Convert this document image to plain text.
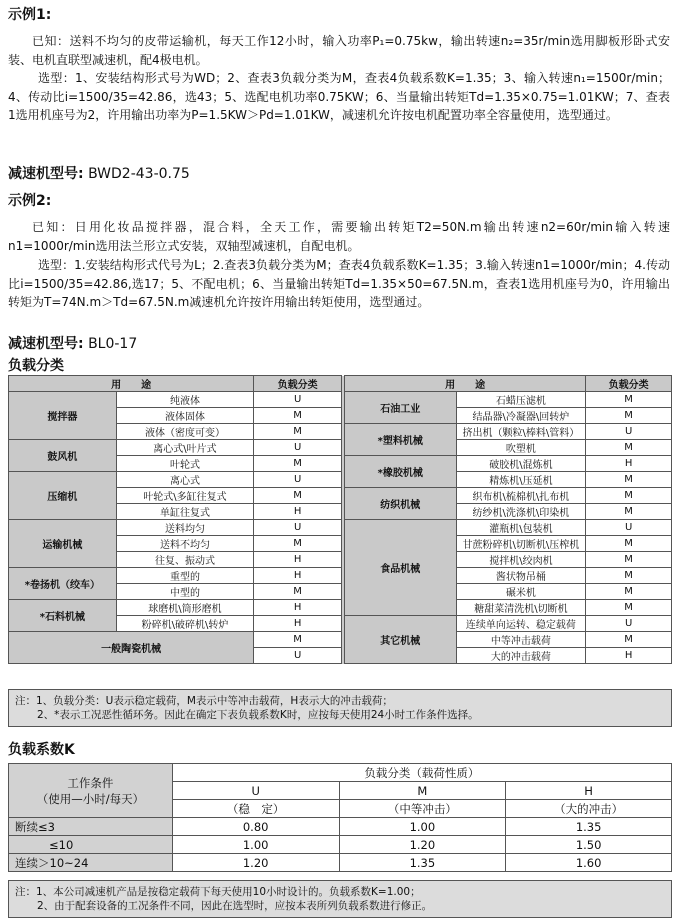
示例1:

已知：送料不均匀的皮带运输机，每天工作12小时，输入功率P₁=0.75kw，输出转速n₂=35r/min选用脚板形卧式安装、电机直联型减速机，配4极电机。

选型：1、安装结构形式号为WD；2、查表3负载分类为M，查表4负载系数K=1.35；3、输入转速n₁=1500r/min；4、传动比i=1500/35=42.86，选43；5、选配电机功率0.75KW；6、当量输出转矩Td=1.35×0.75=1.01KW；7、查表1选用机座号为2，许用输出功率为P=1.5KW＞Pd=1.01KW，减速机允许按电机配置功率全容量使用，选型通过。

减速机型号: BWD2-43-0.75
示例2:

已知：日用化妆品搅拌器，混合料，全天工作，需要输出转矩T2=50N.m输出转速n2=60r/min输入转速n1=1000r/min选用法兰形立式安装，双轴型减速机，自配电机。

选型：1.安装结构形式代号为L；2.查表3负载分类为M；查表4负载系数K=1.35；3.输入转速n1=1000r/min；4.传动比i=1500/35=42.86,选17；5、不配电机；6、当量输出转矩Td=1.35×50=67.5N.m，查表1选用机座号为0，许用输出转矩为T=74N.m＞Td=67.5N.m减速机允许按许用输出转矩使用，选型通过。

减速机型号: BL0-17
负载分类
用　　途		负载分类		用　　途		负载分类
搅拌器	纯液体	U		石油工业	石蜡压滤机	M
	液体固体	M			结晶器\冷凝器\回转炉	M
	液体（密度可变）	M		*塑料机械	挤出机（颗粒\棒料\管料）	U
鼓风机	离心式\叶片式	U			吹塑机	M
	叶轮式	M		*橡胶机械	破胶机\混炼机	H
压缩机	离心式	U			精炼机\压延机	M
	叶轮式\多缸往复式	M		纺织机械	织布机\梳棉机\扎布机	M
	单缸往复式	H			纺纱机\洗涤机\印染机	M
运输机械	送料均匀	U		食品机械	灌瓶机\包装机	U
	送料不均匀	M			甘蔗粉碎机\切断机\压榨机	M
	往复、振动式	H			搅拌机\绞肉机	M
*卷扬机（绞车）	重型的	H			酱状物吊桶	M
	中型的	M			碾米机	M
*石料机械	球磨机\筒形磨机	H			糖甜菜清洗机\切断机	M
	粉碎机\破碎机\转炉	H		其它机械	连续单向运转、稳定载荷	U
一般陶瓷机械		M			中等冲击载荷	M
		U			大的冲击载荷	H
注：1、负载分类：U表示稳定载荷，M表示中等冲击载荷，H表示大的冲击载荷；
2、*表示工况恶性循环务。因此在确定下表负载系数K时，应按每天使用24小时工作条件选择。
负载系数K
工作条件
（使用—小时/每天）	负载分类（载荷性质）		
	U	M	H
	（稳　定）	（中等冲击）	（大的冲击）
断续≤3	0.80	1.00	1.35
≤10	1.00	1.20	1.50
连续＞10~24	1.20	1.35	1.60
注：1、本公司减速机产品是按稳定载荷下每天使用10小时设计的。负载系数K=1.00；
2、由于配套设备的工况条件不同，因此在选型时，应按本表所列负载系数进行修正。
